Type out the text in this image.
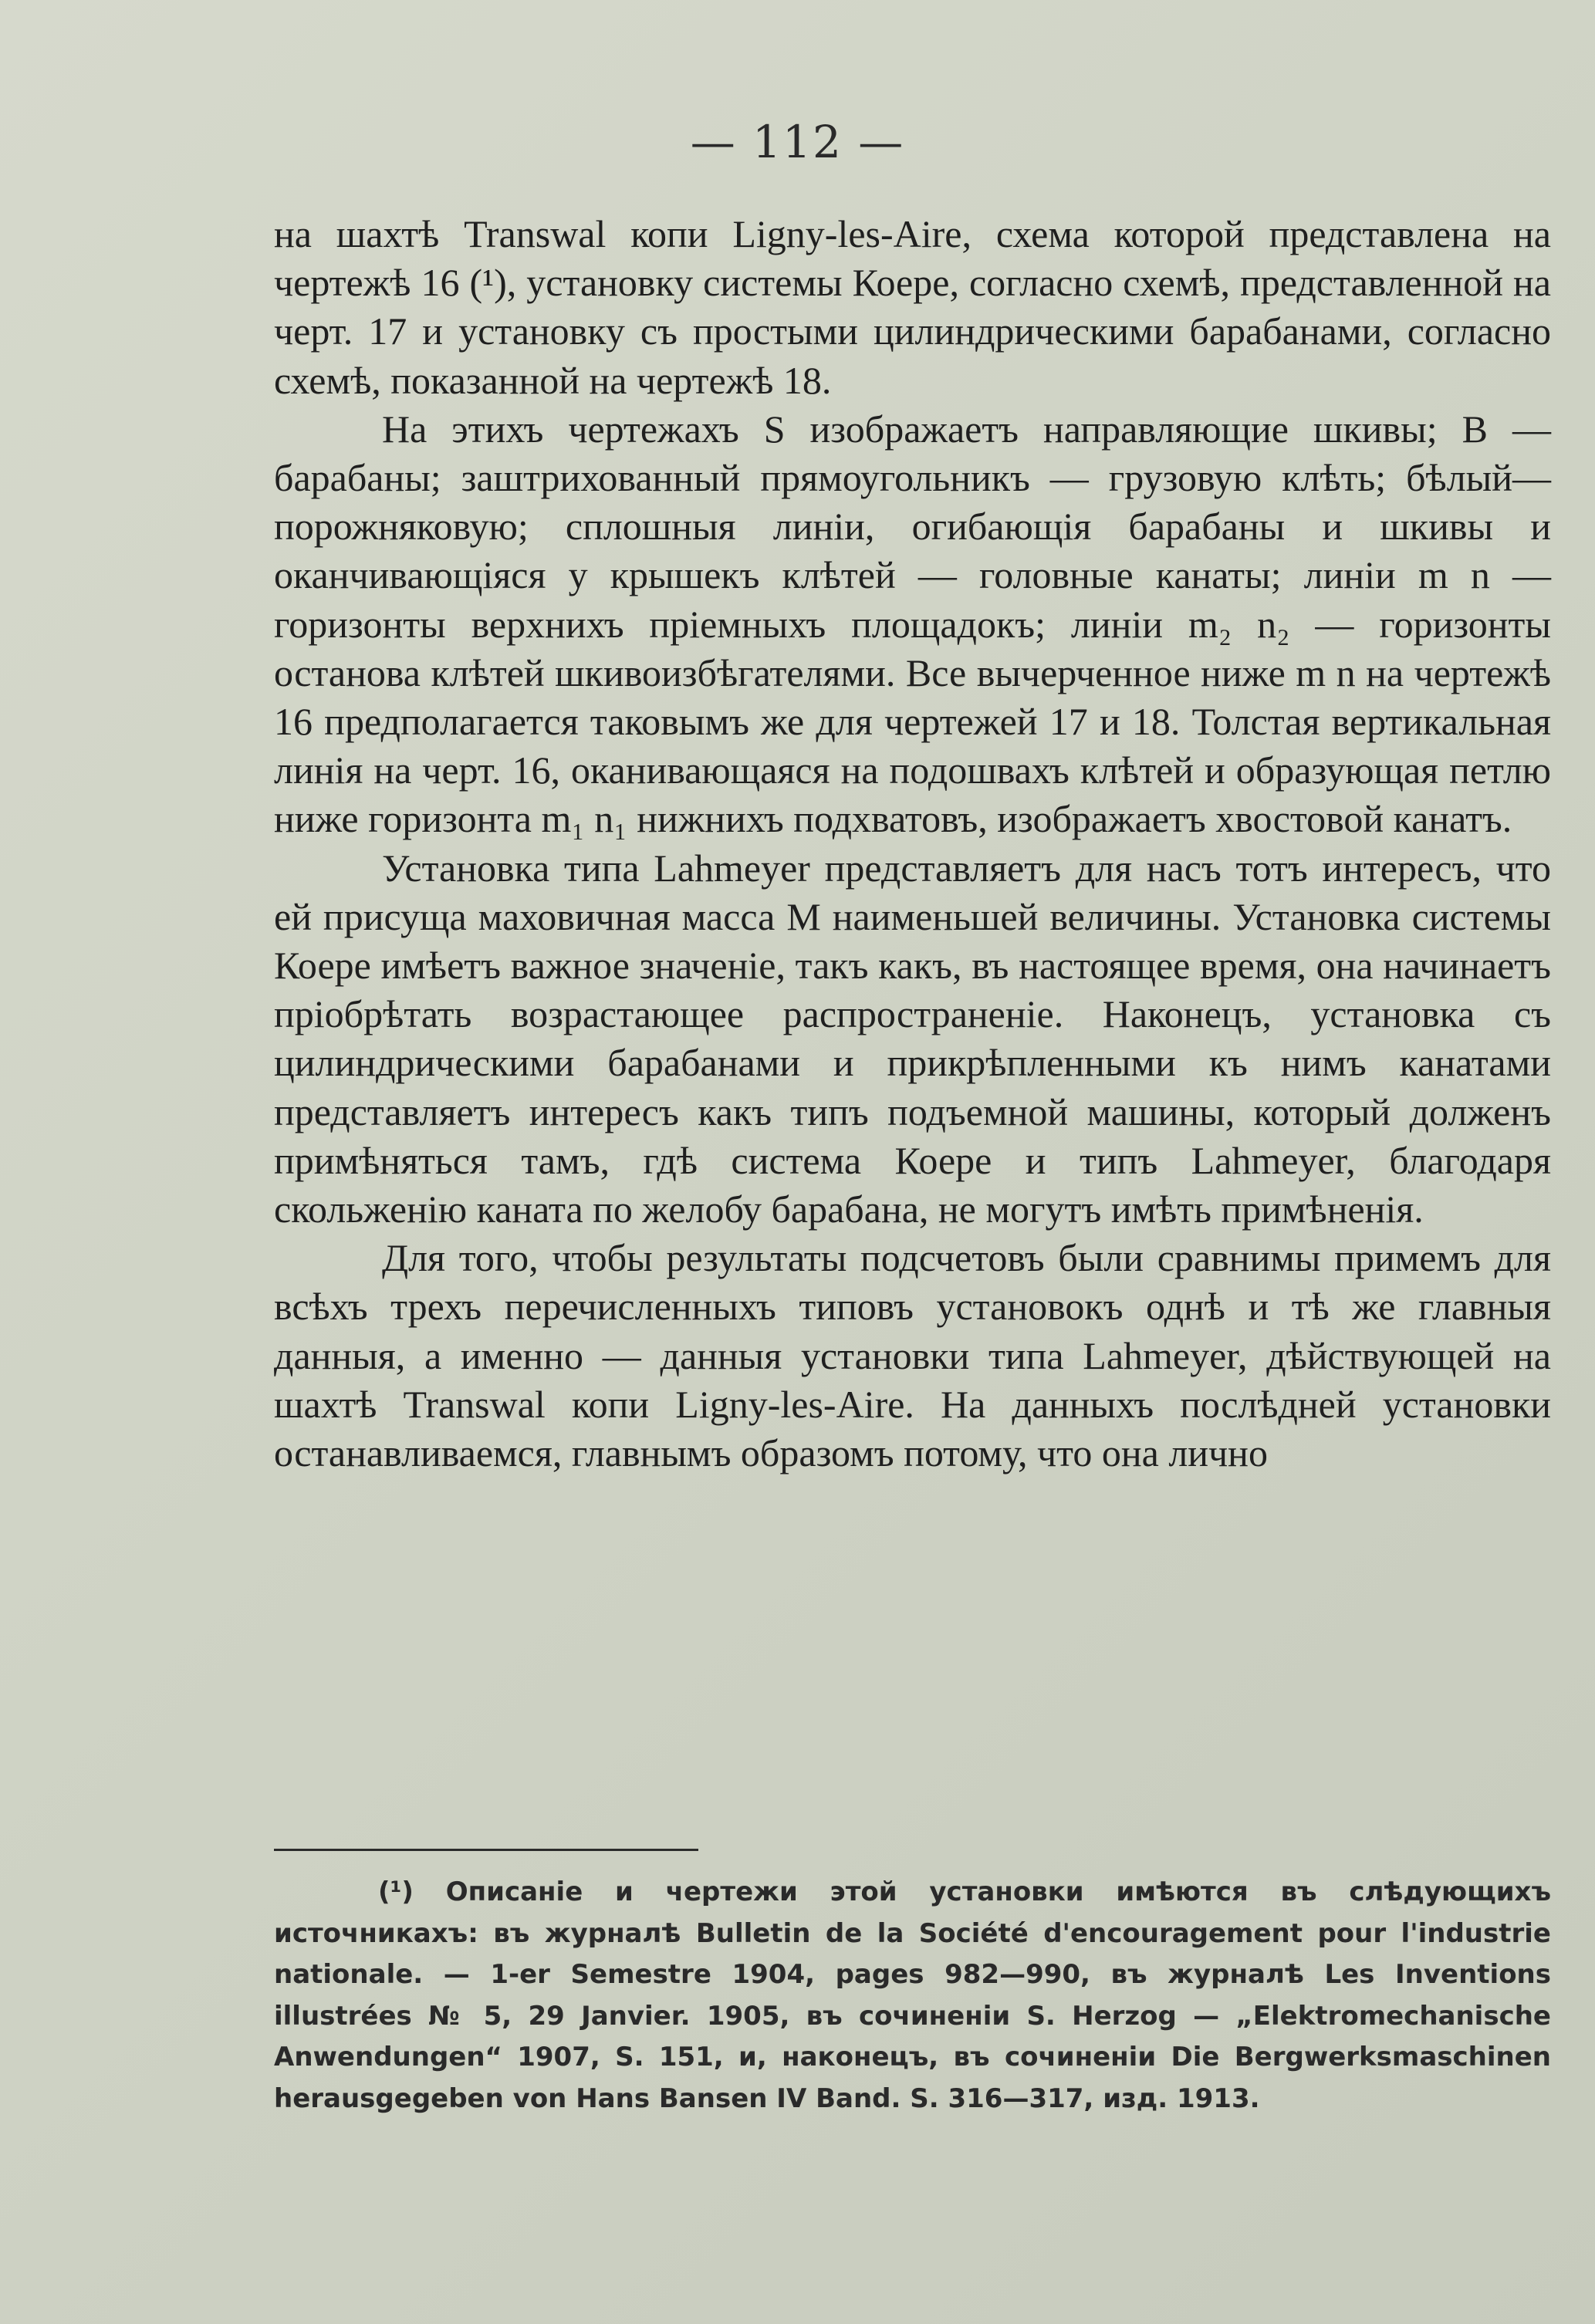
— 112 —

на шахтѣ Transwal копи Ligny-les-Aire, схема которой представлена на чертежѣ 16 (¹), установку системы Коере, согласно схемѣ, представленной на черт. 17 и установку съ простыми цилиндрическими барабанами, согласно схемѣ, показанной на чертежѣ 18.

На этихъ чертежахъ S изображаетъ направляющие шкивы; B — барабаны; заштрихованный прямоугольникъ — грузовую клѣть; бѣлый—порожняковую; сплошныя линіи, огибающія барабаны и шкивы и оканчивающіяся у крышекъ клѣтей — головные канаты; линіи m n — горизонты верхнихъ пріемныхъ площадокъ; линіи m₂ n₂ — горизонты останова клѣтей шкивоизбѣгателями. Все вычерченное ниже m n на чертежѣ 16 предполагается таковымъ же для чертежей 17 и 18. Толстая вертикальная линія на черт. 16, оканивающаяся на подошвахъ клѣтей и образующая петлю ниже горизонта m₁ n₁ нижнихъ подхватовъ, изображаетъ хвостовой канатъ.

Установка типа Lahmeyer представляетъ для насъ тотъ интересъ, что ей присуща маховичная масса M наименьшей величины. Установка системы Коере имѣетъ важное значеніе, такъ какъ, въ настоящее время, она начинаетъ пріобрѣтать возрастающее распространеніе. Наконецъ, установка съ цилиндрическими барабанами и прикрѣпленными къ нимъ канатами представляетъ интересъ какъ типъ подъемной машины, который долженъ примѣняться тамъ, гдѣ система Коере и типъ Lahmeyer, благодаря скольженію каната по желобу барабана, не могутъ имѣть примѣненія.

Для того, чтобы результаты подсчетовъ были сравнимы примемъ для всѣхъ трехъ перечисленныхъ типовъ установокъ однѣ и тѣ же главныя данныя, а именно — данныя установки типа Lahmeyer, дѣйствующей на шахтѣ Transwal копи Ligny-les-Aire. На данныхъ послѣдней установки останавливаемся, главнымъ образомъ потому, что она лично

(¹) Описаніе и чертежи этой установки имѣются въ слѣдующихъ источникахъ: въ журналѣ Bulletin de la Société d'encouragement pour l'industrie nationale. — 1-er Semestre 1904, pages 982—990, въ журналѣ Les Inventions illustrées № 5, 29 Janvier. 1905, въ сочиненіи S. Herzog — „Elektromechanische Anwendungen“ 1907, S. 151, и, наконецъ, въ сочиненіи Die Bergwerksmaschinen herausgegeben von Hans Bansen IV Band. S. 316—317, изд. 1913.
